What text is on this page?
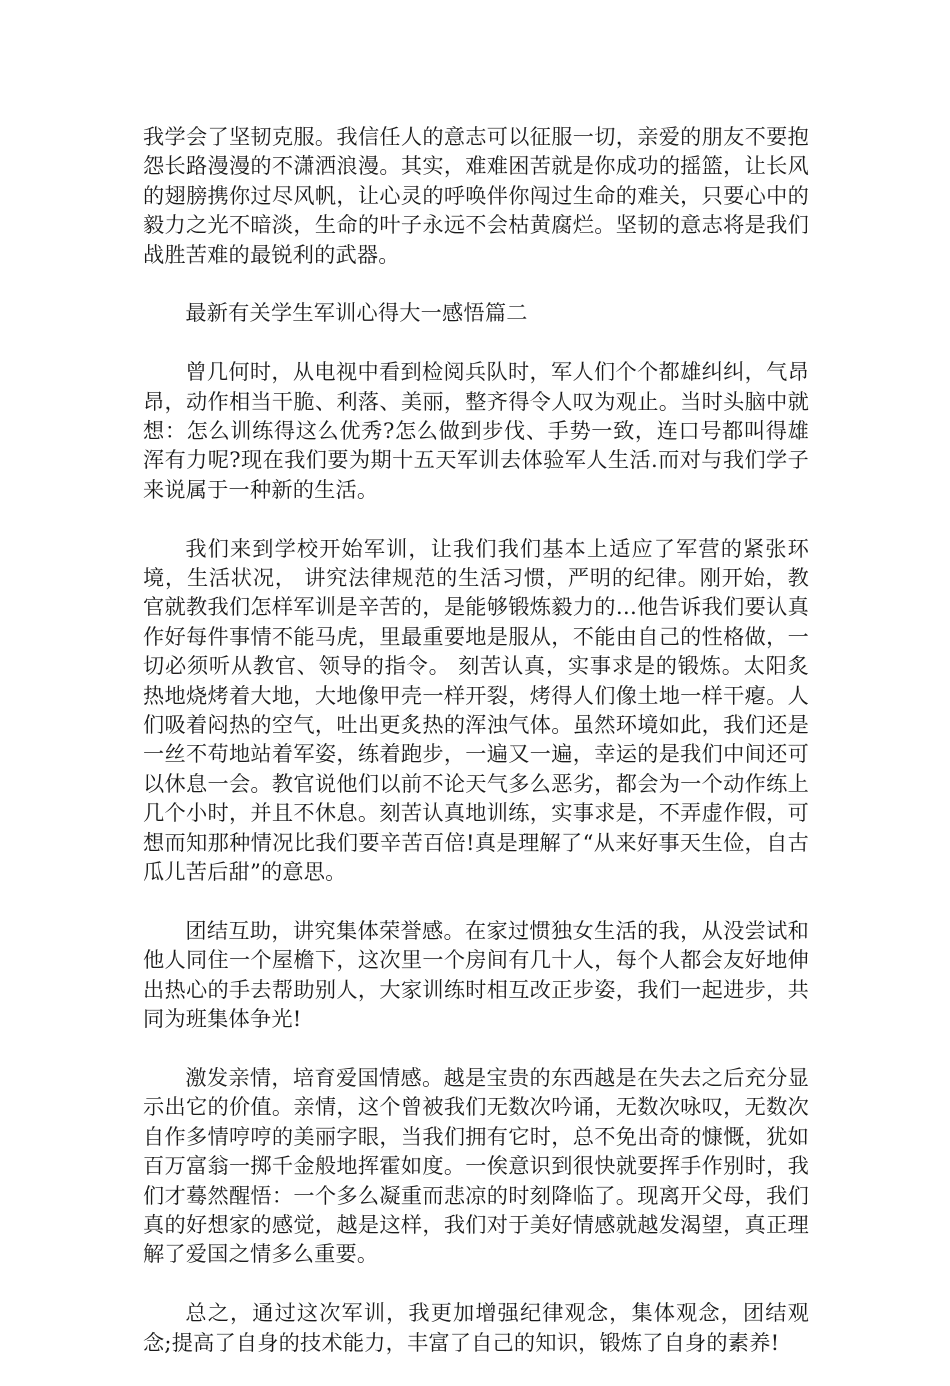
我学会了坚韧克服。我信任人的意志可以征服一切，亲爱的朋友不要抱怨长路漫漫的不潇洒浪漫。其实，难难困苦就是你成功的摇篮，让长风的翅膀携你过尽风帆，让心灵的呼唤伴你闯过生命的难关，只要心中的毅力之光不暗淡，生命的叶子永远不会枯黄腐烂。坚韧的意志将是我们战胜苦难的最锐利的武器。

最新有关学生军训心得大一感悟篇二

曾几何时，从电视中看到检阅兵队时，军人们个个都雄纠纠，气昂昂，动作相当干脆、利落、美丽，整齐得令人叹为观止。当时头脑中就想：怎么训练得这么优秀?怎么做到步伐、手势一致，连口号都叫得雄浑有力呢?现在我们要为期十五天军训去体验军人生活.而对与我们学子来说属于一种新的生活。

我们来到学校开始军训，让我们我们基本上适应了军营的紧张环境，生活状况， 讲究法律规范的生活习惯，严明的纪律。刚开始，教官就教我们怎样军训是辛苦的，是能够锻炼毅力的…他告诉我们要认真作好每件事情不能马虎，里最重要地是服从，不能由自己的性格做，一切必须听从教官、领导的指令。 刻苦认真，实事求是的锻炼。太阳炙热地烧烤着大地，大地像甲壳一样开裂，烤得人们像土地一样干瘪。人们吸着闷热的空气，吐出更炙热的浑浊气体。虽然环境如此，我们还是一丝不苟地站着军姿，练着跑步，一遍又一遍，幸运的是我们中间还可以休息一会。教官说他们以前不论天气多么恶劣，都会为一个动作练上几个小时，并且不休息。刻苦认真地训练，实事求是，不弄虚作假，可想而知那种情况比我们要辛苦百倍!真是理解了“从来好事天生俭，自古瓜儿苦后甜”的意思。

团结互助，讲究集体荣誉感。在家过惯独女生活的我，从没尝试和他人同住一个屋檐下，这次里一个房间有几十人，每个人都会友好地伸出热心的手去帮助别人，大家训练时相互改正步姿，我们一起进步，共同为班集体争光!

激发亲情，培育爱国情感。越是宝贵的东西越是在失去之后充分显示出它的价值。亲情，这个曾被我们无数次吟诵，无数次咏叹，无数次自作多情哼哼的美丽字眼，当我们拥有它时，总不免出奇的慷慨，犹如百万富翁一掷千金般地挥霍如度。一俟意识到很快就要挥手作别时，我们才蓦然醒悟：一个多么凝重而悲凉的时刻降临了。现离开父母，我们真的好想家的感觉，越是这样，我们对于美好情感就越发渴望，真正理解了爱国之情多么重要。

总之，通过这次军训，我更加增强纪律观念，集体观念，团结观念;提高了自身的技术能力，丰富了自己的知识，锻炼了自身的素养!
